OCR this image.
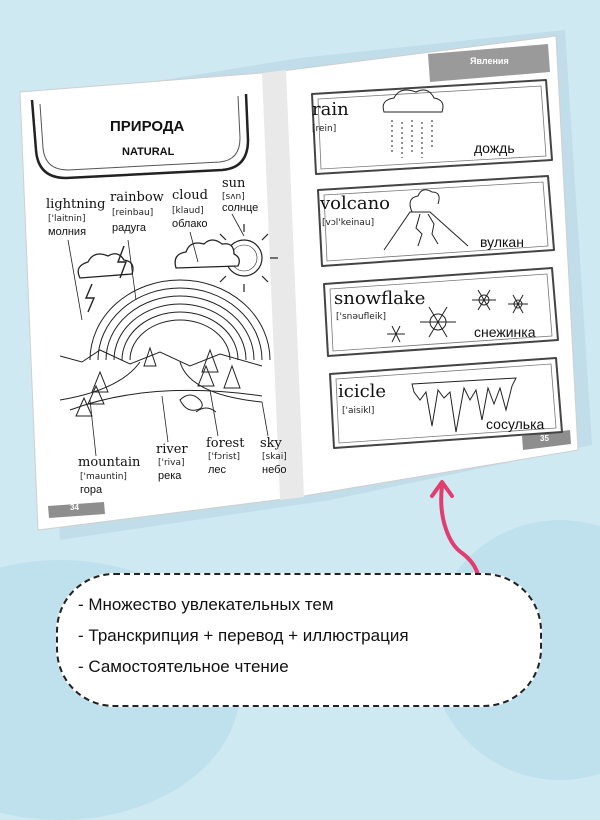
ПРИРОДА
NATURAL
lightning
['laitnin]
молния
rainbow
[reinbau]
радуга
cloud
[klaud]
облако
sun
[sʌn]
солнце
mountain
['mauntin]
гора
river
['riva]
река
forest
['fɔrist]
лес
sky
[skai]
небо
34
Явления
rain
[rein]
дождь
volcano
[vɔl'keinau]
вулкан
snowflake
['snəufleik]
снежинка
icicle
['aisikl]
сосулька
35
- Множество увлекательных тем
- Транскрипция + перевод + иллюстрация
- Самостоятельное чтение
